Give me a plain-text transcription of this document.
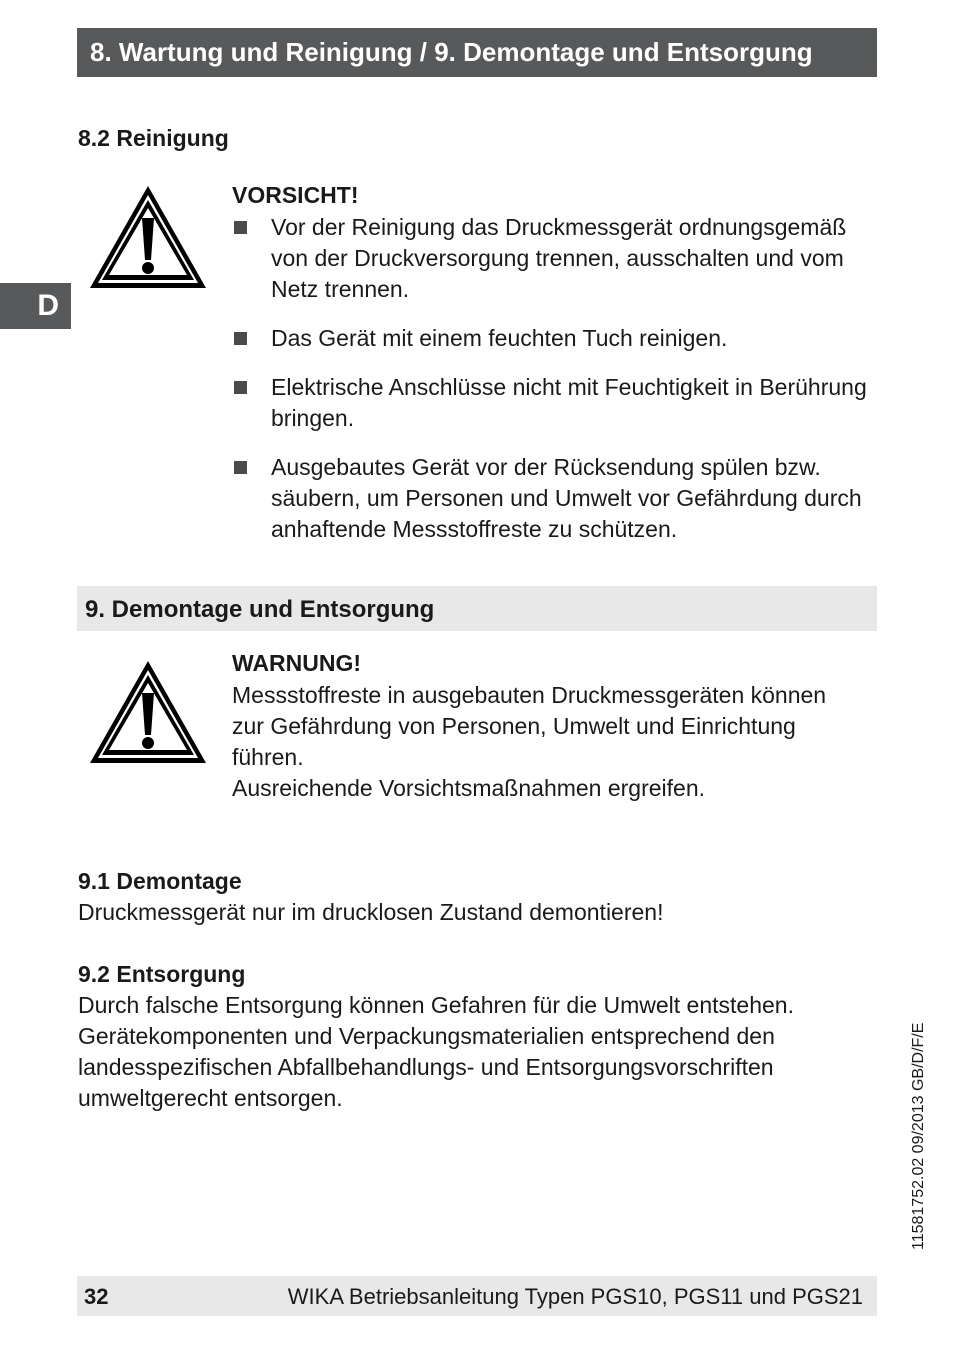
8. Wartung und Reinigung / 9. Demontage und Entsorgung
D
8.2 Reinigung
VORSICHT!
Vor der Reinigung das Druckmessgerät ordnungsgemäß von der Druckversorgung trennen, ausschalten und vom Netz trennen.
Das Gerät mit einem feuchten Tuch reinigen.
Elektrische Anschlüsse nicht mit Feuchtigkeit in Berührung bringen.
Ausgebautes Gerät vor der Rücksendung spülen bzw. säubern, um Personen und Umwelt vor Gefährdung durch anhaftende Messstoffreste zu schützen.
9. Demontage und Entsorgung
WARNUNG!
Messstoffreste in ausgebauten Druckmessgeräten können
zur Gefährdung von Personen, Umwelt und Einrichtung
führen.
Ausreichende Vorsichtsmaßnahmen ergreifen.
9.1 Demontage

Druckmessgerät nur im drucklosen Zustand demontieren!

9.2 Entsorgung
Durch falsche Entsorgung können Gefahren für die Umwelt entstehen.
Gerätekomponenten und Verpackungsmaterialien entsprechend den
landesspezifischen Abfallbehandlungs- und Entsorgungsvorschriften
umweltgerecht entsorgen.	11581752.02 09/2013 GB/D/F/E
32	WIKA Betriebsanleitung Typen PGS10, PGS11 und PGS21
